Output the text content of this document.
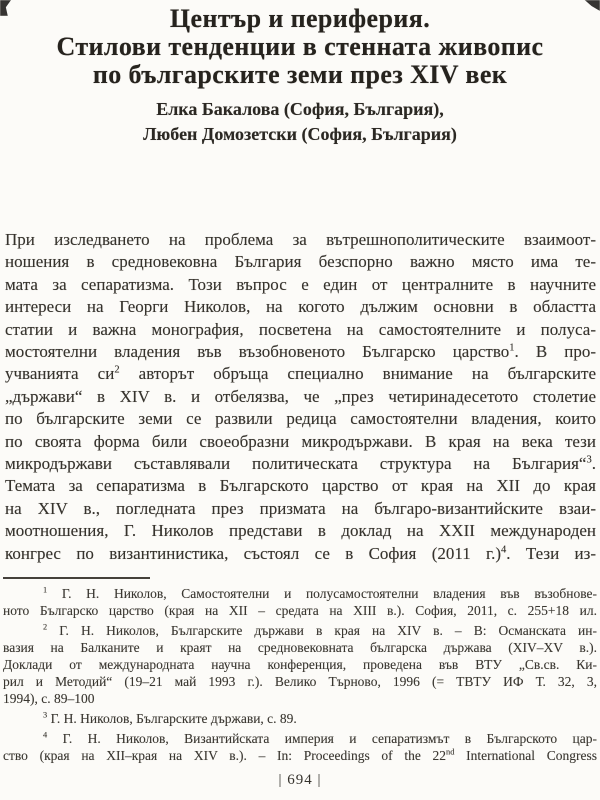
Център и периферия.
Стилови тенденции в стенната живопис
по българските земи през XIV век
Елка Бакалова (София, България),
Любен Домозетски (София, България)
При изследването на проблема за вътрешнополитическите взаимоот-
ношения в средновековна България безспорно важно място има те-
мата за сепаратизма. Този въпрос е един от централните в научните
интереси на Георги Николов, на когото дължим основни в областта
статии и важна монография, посветена на самостоятелните и полуса-
мостоятелни владения във възобновеното Българско царство$^1$. В про-
учванията $си^2$ авторът обръща специално внимание на българските
„държави“ в XIV в. и отбелязва, че „през четиринадесетото столетие
по българските земи се развили редица самостоятелни владения, които
по своята форма били своеобразни микродържави. В края на века тези
микродържави съставлявали политическата структура на България“$^3$.
Темата за сепаратизма в Българското царство от края на XII до края
на XIV в., погледната през призмата на българо-византийските взаи-
моотношения, Г. Николов представи в доклад на XXII международен
конгрес по византинистика, състоял се в София (2011 г.)$^4$. Тези из-
$^1$ Г. Н. Николов, Самостоятелни и полусамостоятелни владения във възобнове-
ното Българско царство (края на XII – средата на XIII в.). София, 2011, с. 255+18 ил.
$^2$ Г. Н. Николов, Българските държави в края на XIV в. – В: Османската ин-
вазия на Балканите и краят на средновековната българска държава (XIV–XV в.).
Доклади от международната научна конференция, проведена във ВТУ „Св.св. Ки-
рил и Методий“ (19–21 май 1993 г.). Велико Търново, 1996 (= ТВТУ ИФ Т. 32, 3,
1994), с. 89–100
$^3$ Г. Н. Николов, Българските държави, с. 89.
$^4$ Г. Н. Николов, Византийската империя и сепаратизмът в Българското цар-
ство (края на XII–края на XIV в.). – In: Proceedings of the 22nd International Congress
| 694 |
